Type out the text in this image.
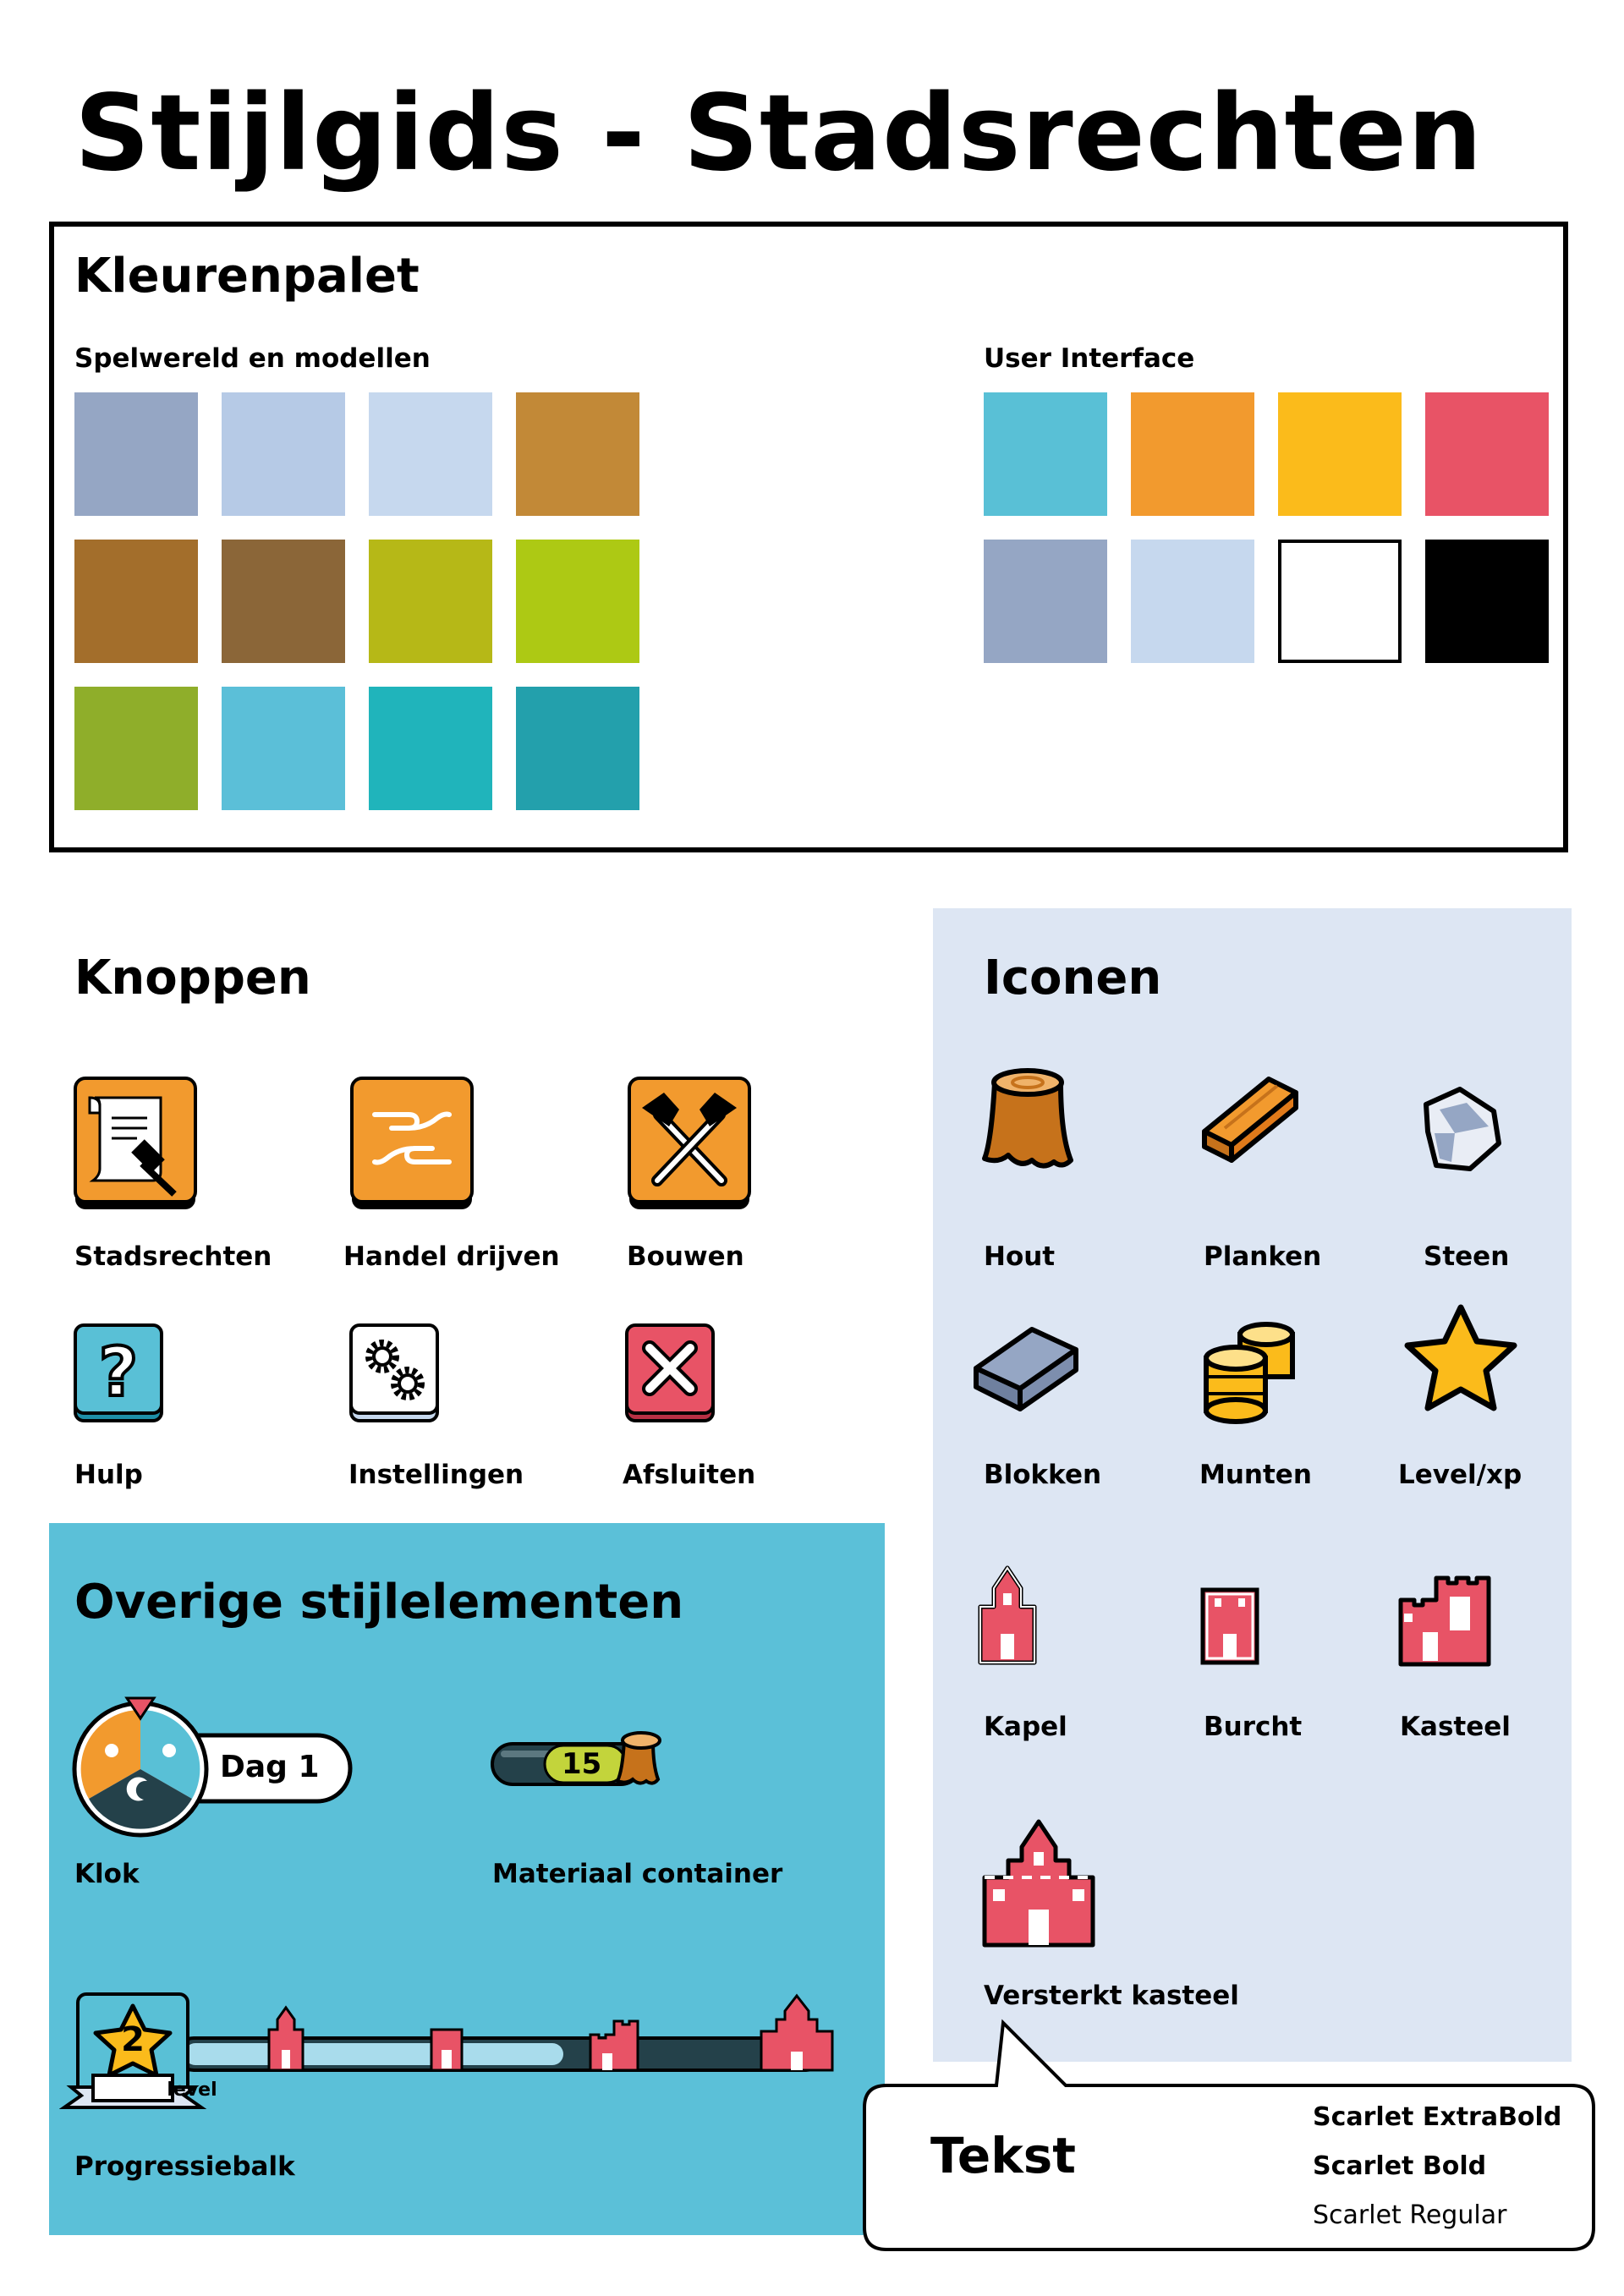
Stijlgids - Stadsrechten
Kleurenpalet
Spelwereld en modellen	User Interface
Knoppen
Stadsrechten	Handel drijven	Bouwen
?
Hulp	Instellingen	Afsluiten
Iconen
Hout	Planken	Steen
Blokken	Munten	Level/xp
Kapel	Burcht	Kasteel
Versterkt kasteel
Overige stijlelementen
Dag 1
Klok
15
Materiaal container
2
level
Progressiebalk	Tekst
Scarlet ExtraBold
Scarlet Bold
Scarlet Regular
